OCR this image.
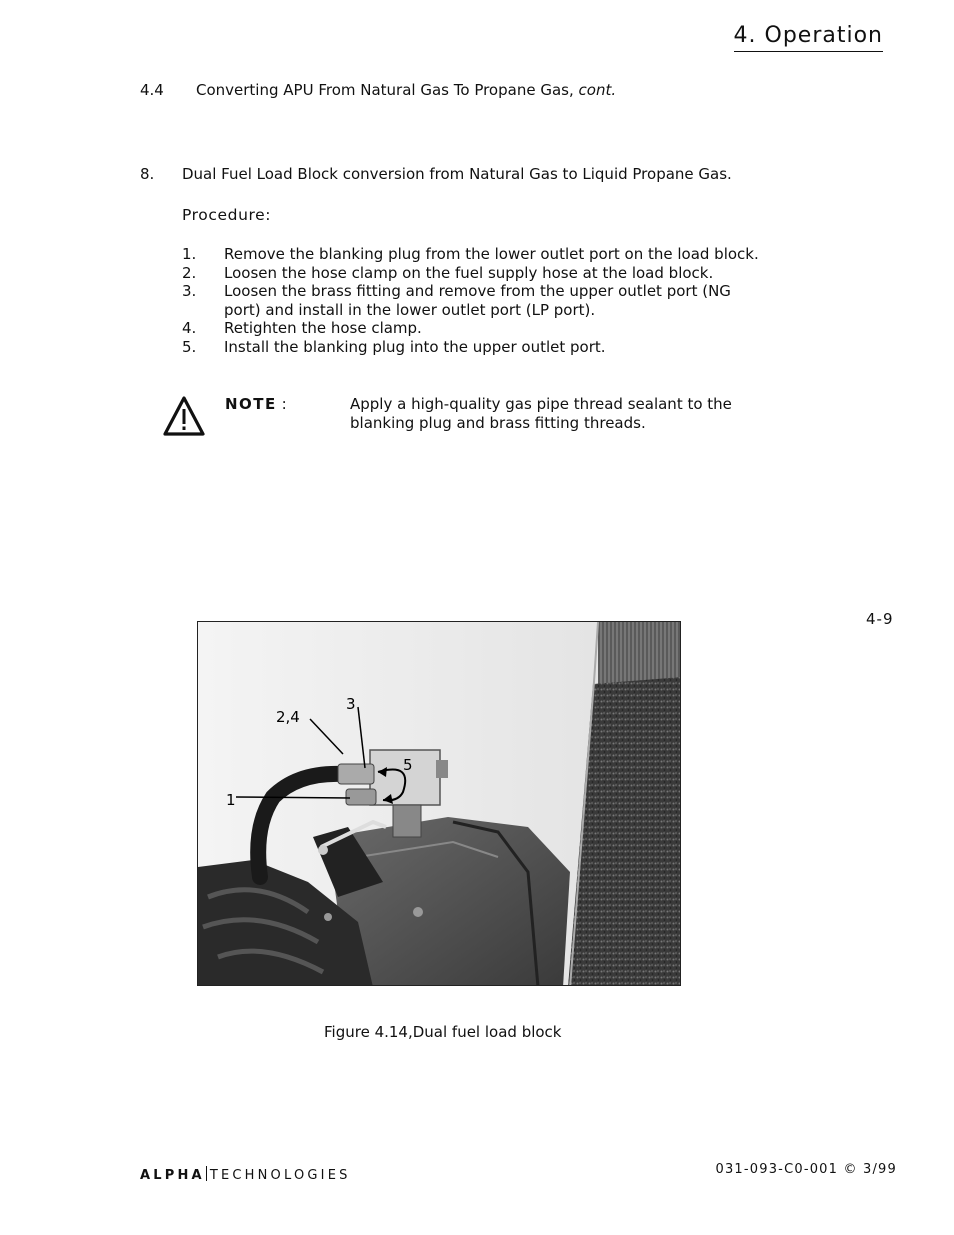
4. Operation
4.4 Converting APU From Natural Gas To Propane Gas, cont.
8. Dual Fuel Load Block conversion from Natural Gas to Liquid Propane Gas.
Procedure:
1. Remove the blanking plug from the lower outlet port on the load block.
2. Loosen the hose clamp on the fuel supply hose at the load block.
3. Loosen the brass fitting and remove from the upper outlet port (NG port) and install in the lower outlet port (LP port).
4. Retighten the hose clamp.
5. Install the blanking plug into the upper outlet port.
NOTE :	Apply a high-quality gas pipe thread sealant to the blanking plug and brass fitting threads.
4-9
1
2,4
3
5
Figure 4.14,Dual fuel load block
ALPHA TECHNOLOGIES	031-093-C0-001 © 3/99
